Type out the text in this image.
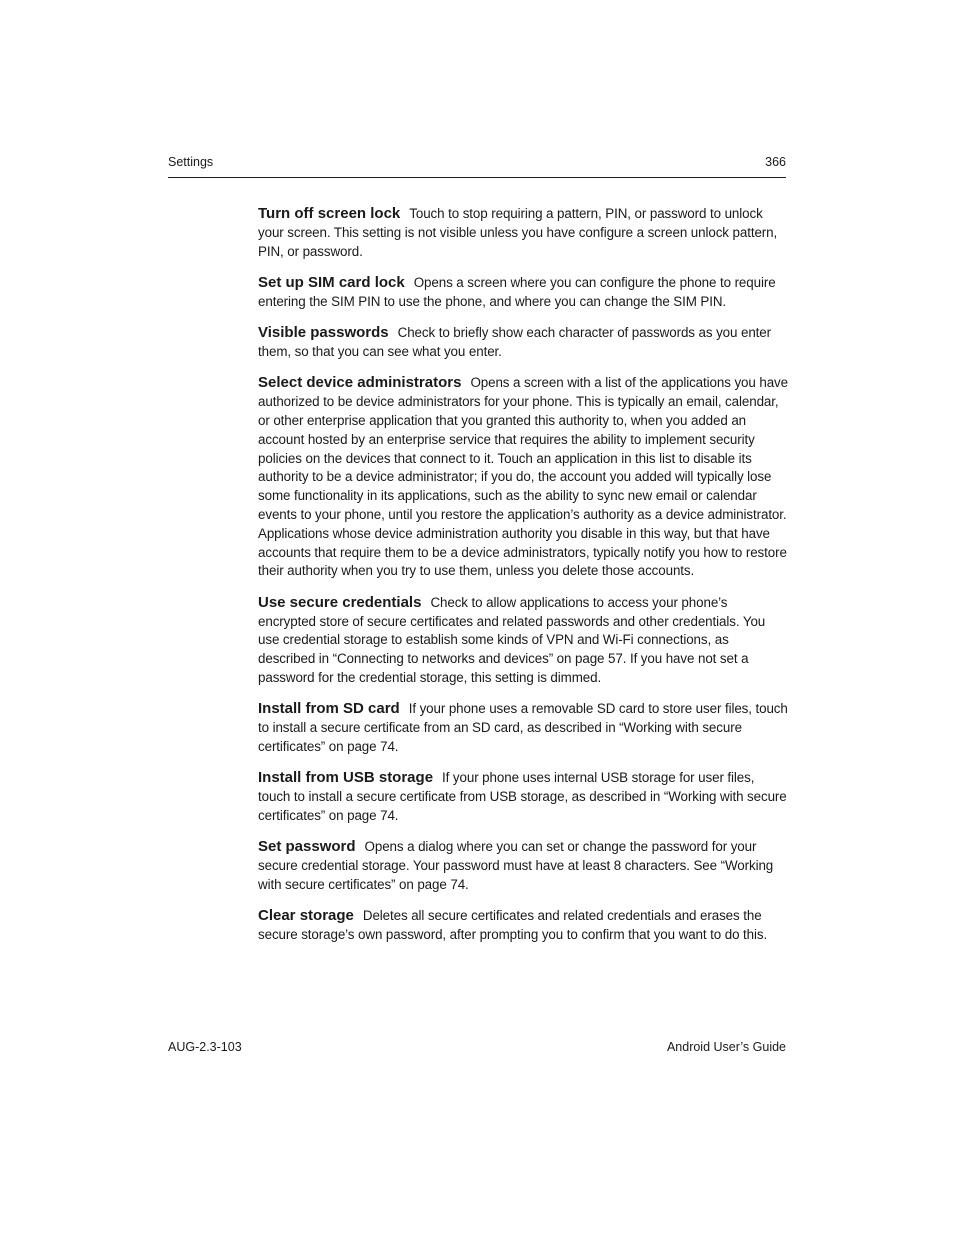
Settings	366

Turn off screen lock Touch to stop requiring a pattern, PIN, or password to unlock your screen. This setting is not visible unless you have configure a screen unlock pattern, PIN, or password.

Set up SIM card lock Opens a screen where you can configure the phone to require entering the SIM PIN to use the phone, and where you can change the SIM PIN.

Visible passwords Check to briefly show each character of passwords as you enter them, so that you can see what you enter.

Select device administrators Opens a screen with a list of the applications you have authorized to be device administrators for your phone. This is typically an email, calendar, or other enterprise application that you granted this authority to, when you added an account hosted by an enterprise service that requires the ability to implement security policies on the devices that connect to it. Touch an application in this list to disable its authority to be a device administrator; if you do, the account you added will typically lose some functionality in its applications, such as the ability to sync new email or calendar events to your phone, until you restore the application’s authority as a device administrator. Applications whose device administration authority you disable in this way, but that have accounts that require them to be a device administrators, typically notify you how to restore their authority when you try to use them, unless you delete those accounts.

Use secure credentials Check to allow applications to access your phone’s encrypted store of secure certificates and related passwords and other credentials. You use credential storage to establish some kinds of VPN and Wi-Fi connections, as described in “Connecting to networks and devices” on page 57. If you have not set a password for the credential storage, this setting is dimmed.

Install from SD card If your phone uses a removable SD card to store user files, touch to install a secure certificate from an SD card, as described in “Working with secure certificates” on page 74.

Install from USB storage If your phone uses internal USB storage for user files, touch to install a secure certificate from USB storage, as described in “Working with secure certificates” on page 74.

Set password Opens a dialog where you can set or change the password for your secure credential storage. Your password must have at least 8 characters. See “Working with secure certificates” on page 74.

Clear storage Deletes all secure certificates and related credentials and erases the secure storage’s own password, after prompting you to confirm that you want to do this.

AUG-2.3-103	Android User’s Guide
